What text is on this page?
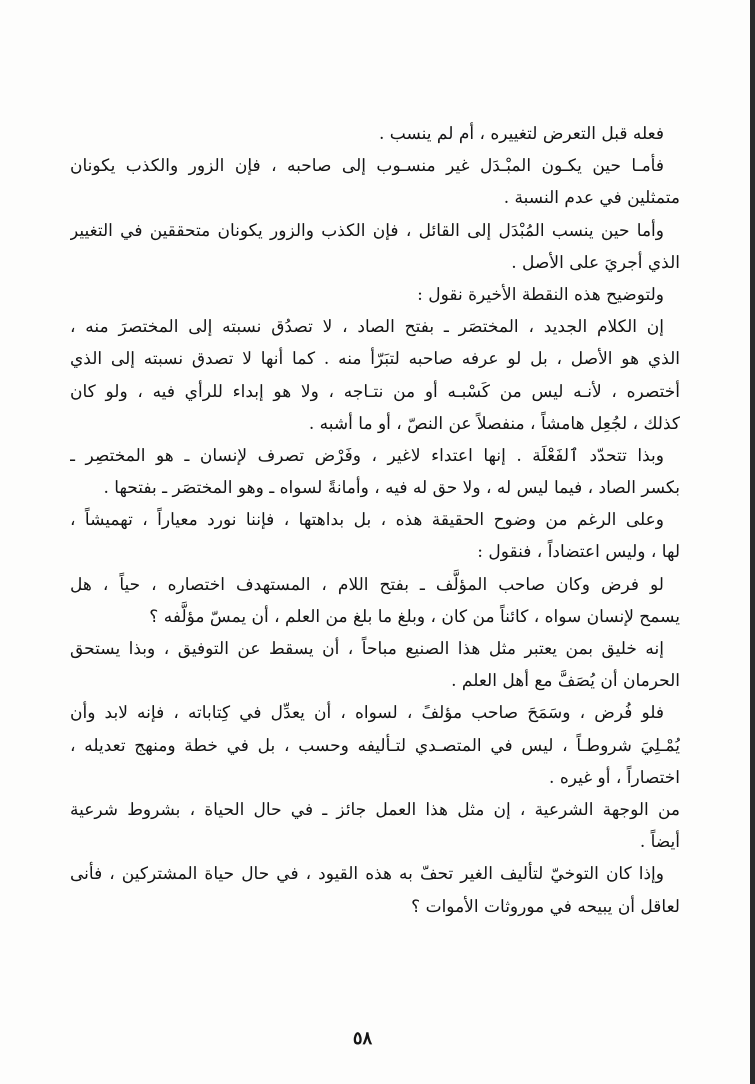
فعله قبل التعرض لتغييره ، أم لم ينسب .
فأمـا حين يكـون المبْـدَل غير منسـوب إلى صاحبه ، فإن الزور والكذب يكونان
متمثلين في عدم النسبة .
وأما حين ينسب المُبْدَل إلى القائل ، فإن الكذب والزور يكونان متحققين في التغيير
الذي أجريَ على الأصل .
ولتوضيح هذه النقطة الأخيرة نقول :
إن الكلام الجديد ، المختصَر ـ بفتح الصاد ، لا تصدُق نسبته إلى المختصرَ منه ،
الذي هو الأصل ، بل لو عرفه صاحبه لتبَرّأ منه . كما أنها لا تصدق نسبته إلى الذي
أختصره ، لأنـه ليس من كَسْبـه أو من نتـاجه ، ولا هو إبداء للرأي فيه ، ولو كان
كذلك ، لجُعِل هامشاً ، منفصلاً عن النصّ ، أو ما أشبه .
وبذا تتحدّد ٱلفَعْلَة . إنها اعتداء لاغير ، وفَرْض تصرف لإنسان ـ هو المختصِر ـ
بكسر الصاد ، فيما ليس له ، ولا حق له فيه ، وأمانةً لسواه ـ وهو المختصَر ـ بفتحها .
وعلى الرغم من وضوح الحقيقة هذه ، بل بداهتها ، فإننا نورد معياراً ، تهميشاً ،
لها ، وليس اعتضاداً ، فنقول :
لو فرض وكان صاحب المؤلَّف ـ بفتح اللام ، المستهدف اختصاره ، حياً ، هل
يسمح لإنسان سواه ، كائناً من كان ، وبلغ ما بلغ من العلم ، أن يمسّ مؤلَّفه ؟
إنه خليق بمن يعتبر مثل هذا الصنيع مباحاً ، أن يسقط عن التوفيق ، وبذا يستحق
الحرمان أن يُصَفَّ مع أهل العلم .
فلو فُرض ، وسَمَحَ صاحب مؤلفً ، لسواه ، أن يعدِّل في كِتاباته ، فإنه لابد وأن
يُمْـلِيَ شروطـاً ، ليس في المتصـدي لتـأليفه وحسب ، بل في خطة ومنهج تعديله ،
اختصاراً ، أو غيره .
من الوجهة الشرعية ، إن مثل هذا العمل جائز ـ في حال الحياة ، بشروط شرعية
أيضاً .
وإذا كان التوخيّ لتأليف الغير تحفّ به هذه القيود ، في حال حياة المشتركين ، فأنى
لعاقل أن يبيحه في موروثات الأموات ؟
٥٨
